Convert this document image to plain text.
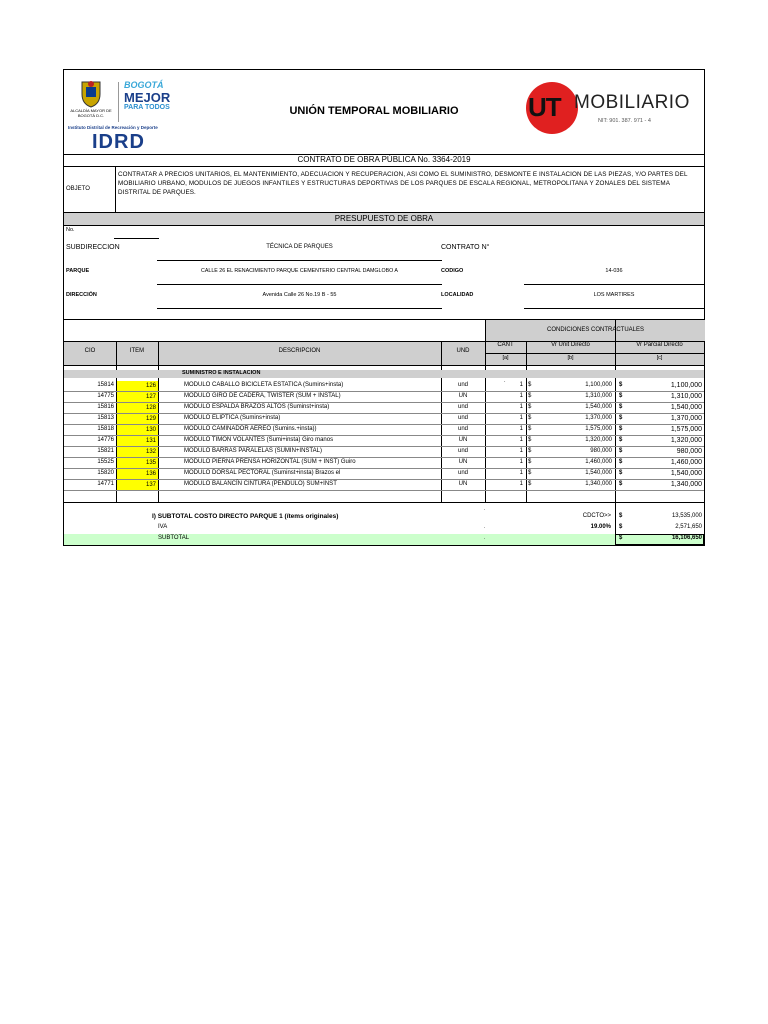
ALCALDÍA MAYOR DE BOGOTÁ D.C.
BOGOTÁ
MEJOR
PARA TODOS
Instituto Distrital de Recreación y Deporte
IDRD
UNIÓN TEMPORAL MOBILIARIO	UT MOBILIARIO
NIT: 901. 387. 971 - 4
CONTRATO DE OBRA PÚBLICA No. 3364-2019
OBJETO
CONTRATAR A PRECIOS UNITARIOS, EL MANTENIMIENTO, ADECUACION Y RECUPERACION, ASI COMO EL SUMINISTRO, DESMONTE E INSTALACION DE LAS PIEZAS, Y/O PARTES DEL MOBILIARIO URBANO, MODULOS DE JUEGOS INFANTILES Y ESTRUCTURAS DEPORTIVAS DE LOS PARQUES DE ESCALA REGIONAL, METROPOLITANA Y ZONALES DEL SISTEMA DISTRITAL DE PARQUES.
PRESUPUESTO DE OBRA
No.
SUBDIRECCION	TÉCNICA DE PARQUES	CONTRATO N°
PARQUE	CALLE 26 EL RENACIMIENTO PARQUE CEMENTERIO CENTRAL DAMGLOBO A	CODIGO	14-036
DIRECCIÓN	Avenida Calle 26 No.19 B - 55	LOCALIDAD	LOS MARTIRES
CONDICIONES CONTRACTUALES
CIO	ITEM	DESCRIPCION	UND
CANT	Vr Unit Directo	Vr Parcial Directo
[a]	[b]	[c]
SUMINISTRO E INSTALACION
.
15814	126	MODULO CABALLO BICICLETA ESTATICA (Sumins+insta)	und	1 $	1,100,000 $	1,100,000
14775	127	MODULO GIRO DE CADERA, TWISTER (SUM + INSTAL)	UN	1 $	1,310,000 $	1,310,000
15816	128	MODULO ESPALDA BRAZOS ALTOS (Suminst+insta)	und	1 $	1,540,000 $	1,540,000
15813	129	MODULO ELIPTICA (Sumins+insta)	und	1 $	1,370,000 $	1,370,000
15818	130	MODULO CAMINADOR AEREO (Sumins.+insta))	und	1 $	1,575,000 $	1,575,000
14776	131	MODULO TIMON VOLANTES (Sumi+insta) Giro manos	UN	1 $	1,320,000 $	1,320,000
15821	132	MODULO BARRAS PARALELAS (SUMIN+INSTAL)	und	1 $	980,000 $	980,000
15525	135	MODULO PIERNA PRENSA HORIZONTAL (SUM + INST) Guiro	UN	1 $	1,460,000 $	1,460,000
15820	136	MODULO DORSAL PECTORAL (Suminst+insta) Brazos el	und	1 $	1,540,000 $	1,540,000
14771	137	MODULO BALANCÍN CINTURA (PENDULO) SUM+INST	UN	1 $	1,340,000 $	1,340,000
I) SUBTOTAL COSTO DIRECTO PARQUE 1 (ítems originales)
.
CDCTO>> $	13,535,000
IVA	.	19.00% $	2,571,650
SUBTOTAL	.	$	16,106,650
